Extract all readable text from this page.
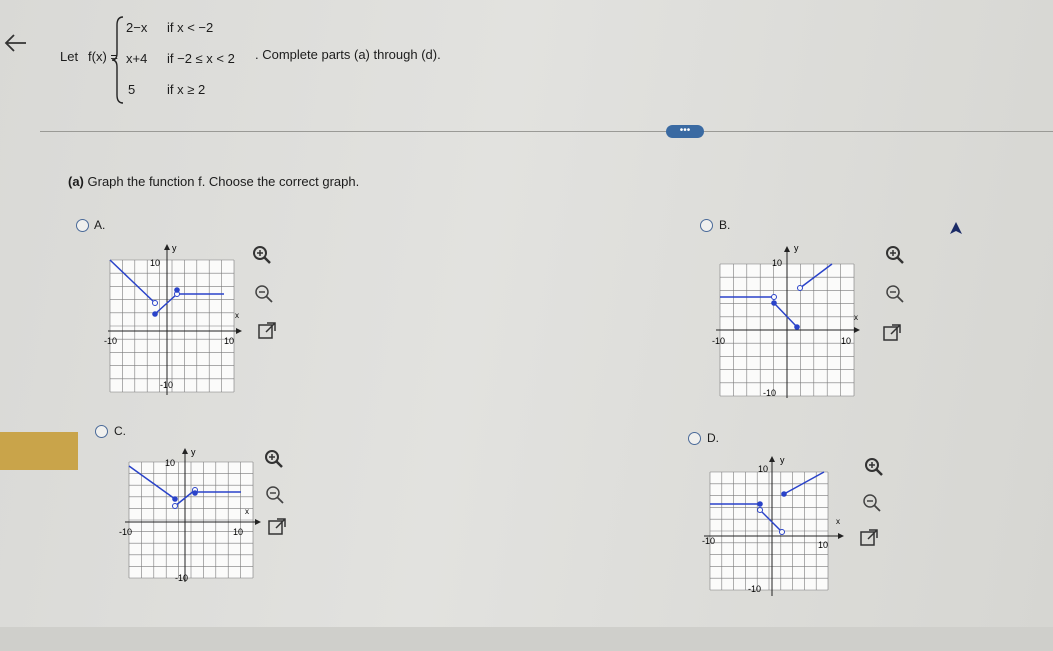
Let f(x) =
2−x if x < −2
x+4 if −2 ≤ x < 2
5 if x ≥ 2
. Complete parts (a) through (d).
•••
(a) Graph the function f. Choose the correct graph.
A.
y
x
10
-10	10
-10
B.
y
x
10
-10	10
-10
C.
y
x
10
-10	10
-10
D.
y
x
10
-10	10
-10
